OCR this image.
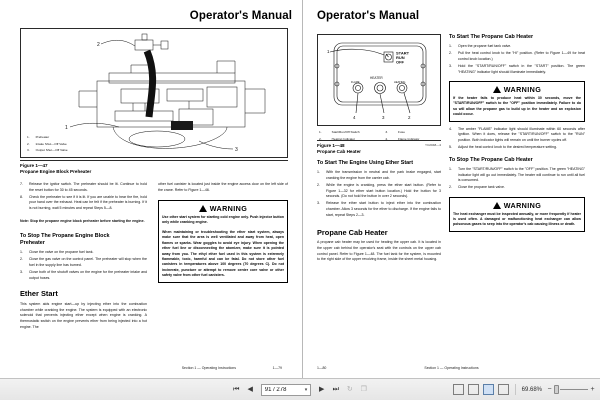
Operator's Manual
2
1
3
1.	Preheater
2.	Intake Shut—Off Valve
3.	Output Shut—Off Valve
Figure 1—47
Propane Engine Block Preheater
Release the ignitor switch. The preheater should be lit. Continue to hold the reset button for 30 to 45 seconds.
Check the preheater to see if it is lit. If you are unable to hear the fire, hold your hand over the exhaust. Heat can be felt if the preheater is burning. If it is not burning, wait 5 minutes and repeat Steps 5—8.
Note: Stop the propane engine block preheater before starting the engine.
To Stop The Propane Engine Block
Preheater
Close the valve on the propane fuel tank.
Close the gas valve on the control panel. The preheater will stop when the fuel in the supply line has burned.
Close both of the shutoff valves on the engine for the preheater intake and output hoses.
Ether Start
This system aids engine start—up by injecting ether into the combustion chamber while cranking the engine. The system is equipped with an electronic solenoid that prevents injecting ether except when engine is cranking. A thermostatic switch on the engine prevents ether from being injected into a hot engine. The
other fuel canister is located just inside the engine access door on the left side of the crane. Refer to Figure 1—46.
WARNING
Use other start system for starting cold engine only. Push injector button only while cranking engine.
When maintaining or troubleshooting the ether start system, always make sure that the area is well ventilated and away from heat, open flames or sparks. Wear goggles to avoid eye injury. When opening the ether fuel line or disconnecting the atomizer, make sure it is pointed away from you. The ethyl ether fuel used in this system is extremely flammable, toxic, harmful and can be fatal. Do not store other fuel canisters in temperatures above 100 degrees (70 degrees C). Do not incinerate, puncture or attempt to remove center core valve or other safety valve from other fuel canisters.
Section 1 — Operating Instructions	1—79
Operator's Manual
START
RUN
OFF
1
HEATER
FLAME	HEATING
4	3	2
1.	Start/Run/Off Switch	3.	Fuse
2.	Heating Indicator	4.	Flame Indicator
Figure 1—48
Propane Cab Heater
YC2048—4
To Start The Engine Using Ether Start
With the transmission in neutral and the park brake engaged, start cranking the engine from the carrier cab.
While the engine is cranking, press the ether start button. (Refer to Figure 1—32 for ether start button location.) Hold the button for 3 seconds. (Do not hold the button in over 2 seconds).
Release the ether start button to inject ether into the combustion chamber. Allow 3 seconds for the ether to discharge. If the engine fails to start, repeat Steps 2—3.
Propane Cab Heater
A propane cab heater may be used for heating the upper cab. It is located in the upper cab behind the operator's seat with the controls on the upper cab control panel. Refer to Figure 1—48. The fuel tank for the system, is mounted to the right side of the upper revolving frame, inside the sheet metal housing.
To Start The Propane Cab Heater
Open the propane fuel tank valve.
Pull the heat control knob to the "HI" position. (Refer to Figure 1—49 for heat control knob location.)
Hold the "START/RUN/OFF" switch in the "START" position. The green "HEATING" indicator light should illuminate immediately.
WARNING
If the heater fails to produce heat within 30 seconds, move the "START/RUN/OFF" switch to the "OFF" position immediately. Failure to do so will allow the propane gas to build up in the heater and an explosion could occur.
The amber "FLAME" indicator light should illuminate within 60 seconds after ignition. When it does, release the "START/RUN/OFF" switch to the "RUN" position. Both indicator lights will remain on until the burner cycles off.
Adjust the heat control knob to the desired temperature setting.
To Stop The Propane Cab Heater
Turn the "START/RUN/OFF" switch to the "OFF" position. The green "HEATING" indicator light will go out immediately. The heater will continue to run until all fuel is consumed.
Close the propane tank valve.
WARNING
The heat exchanger must be inspected annually, or more frequently if heater is used often. A damaged or malfunctioning heat exchanger can allow poisonous gases to seep into the operator's cab causing illness or death.
1—80	Section 1 — Operating Instructions
⏮	◀
91 / 278	▾	▶	⏭	↻	❐	69.68% −	+
